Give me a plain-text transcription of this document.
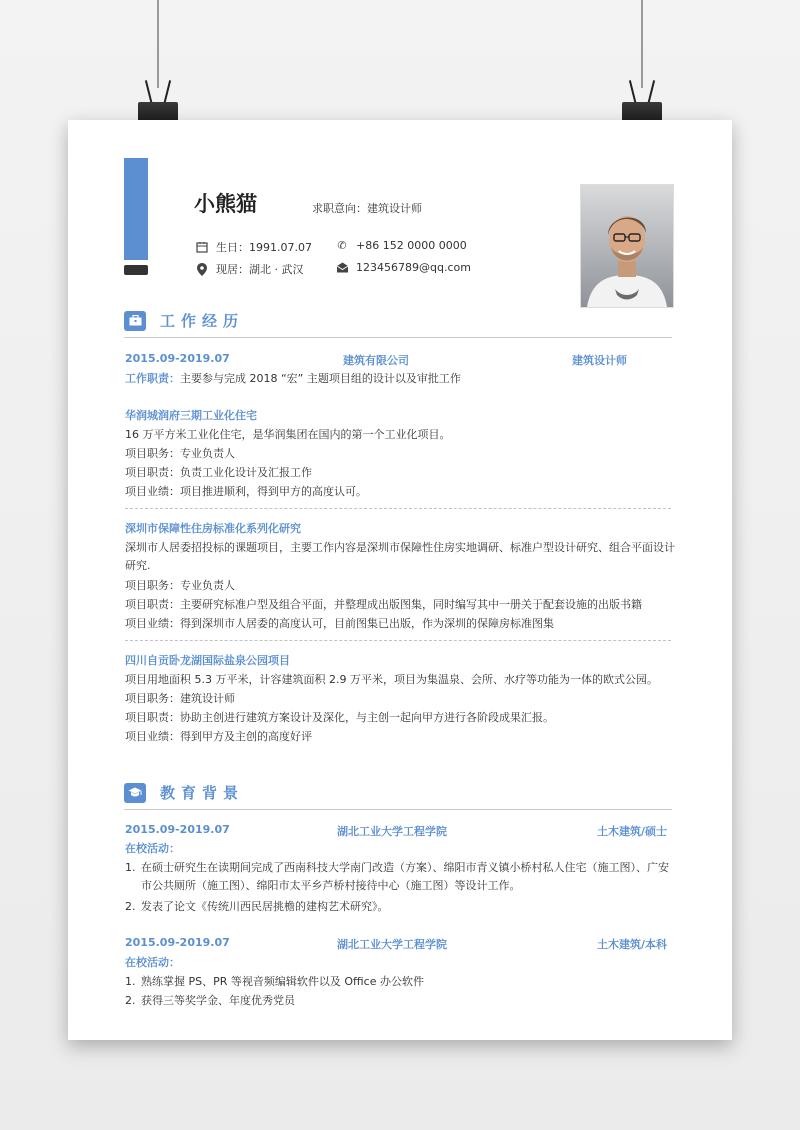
小熊猫	求职意向：建筑设计师
生日：1991.07.07	✆ +86 152 0000 0000
现居：湖北 · 武汉	123456789@qq.com
工作经历
2015.09-2019.07	建筑有限公司	建筑设计师
工作职责：主要参与完成 2018 “宏” 主题项目组的设计以及审批工作
华润城润府三期工业化住宅
16 万平方米工业化住宅，是华润集团在国内的第一个工业化项目。
项目职务：专业负责人
项目职责：负责工业化设计及汇报工作
项目业绩：项目推进顺利，得到甲方的高度认可。
深圳市保障性住房标准化系列化研究
深圳市人居委招投标的课题项目，主要工作内容是深圳市保障性住房实地调研、标准户型设计研究、组合平面设计研究.
项目职务：专业负责人
项目职责：主要研究标准户型及组合平面，并整理成出版图集，同时编写其中一册关于配套设施的出版书籍
项目业绩：得到深圳市人居委的高度认可，目前图集已出版，作为深圳的保障房标准图集
四川自贡卧龙湖国际盐泉公园项目
项目用地面积 5.3 万平米，计容建筑面积 2.9 万平米，项目为集温泉、会所、水疗等功能为一体的欧式公园。
项目职务：建筑设计师
项目职责：协助主创进行建筑方案设计及深化，与主创一起向甲方进行各阶段成果汇报。
项目业绩：得到甲方及主创的高度好评
教育背景
2015.09-2019.07	湖北工业大学工程学院	土木建筑/硕士
在校活动：
1. 在硕士研究生在读期间完成了西南科技大学南门改造（方案）、绵阳市青义镇小桥村私人住宅（施工图）、广安市公共厕所（施工图）、绵阳市太平乡芦桥村接待中心（施工图）等设计工作。
2. 发表了论文《传统川西民居挑檐的建构艺术研究》。
2015.09-2019.07	湖北工业大学工程学院	土木建筑/本科
在校活动：
1. 熟练掌握 PS、PR 等视音频编辑软件以及 Office 办公软件
2. 获得三等奖学金、年度优秀党员
